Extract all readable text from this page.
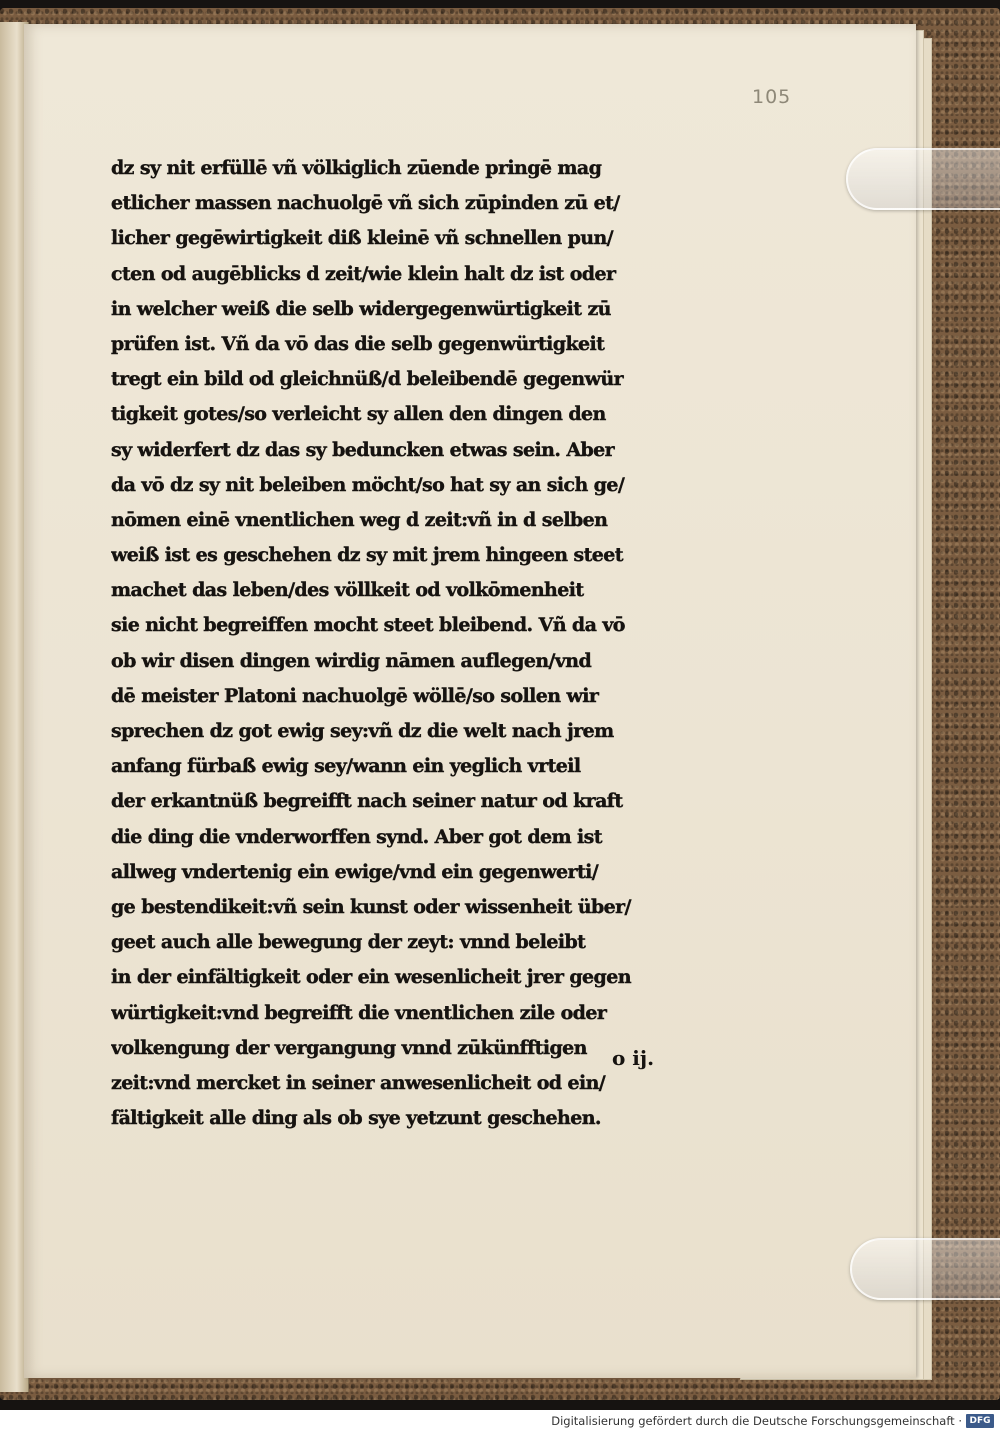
105
dz sy nit erfüllē vñ völkiglich zūende pringē mag
etlicher massen nachuolgē vñ sich zūpinden zū et/
licher gegēwirtigkeit diß kleinē vñ schnellen pun/
cten od augēblicks d zeit/wie klein halt dz ist oder
in welcher weiß die selb widergegenwürtigkeit zū
prüfen ist. Vñ da vō das die selb gegenwürtigkeit
tregt ein bild od gleichnüß/d beleibendē gegenwür
tigkeit gotes/so verleicht sy allen den dingen den
sy widerfert dz das sy beduncken etwas sein. Aber
da vō dz sy nit beleiben möcht/so hat sy an sich ge/
nōmen einē vnentlichen weg d zeit:vñ in d selben
weiß ist es geschehen dz sy mit jrem hingeen steet
machet das leben/des völlkeit od volkōmenheit
sie nicht begreiffen mocht steet bleibend. Vñ da vō
ob wir disen dingen wirdig nāmen auflegen/vnd
dē meister Platoni nachuolgē wöllē/so sollen wir
sprechen dz got ewig sey:vñ dz die welt nach jrem
anfang fürbaß ewig sey/wann ein yeglich vrteil
der erkantnüß begreifft nach seiner natur od kraft
die ding die vnderworffen synd. Aber got dem ist
allweg vndertenig ein ewige/vnd ein gegenwerti/
ge bestendikeit:vñ sein kunst oder wissenheit über/
geet auch alle bewegung der zeyt: vnnd beleibt
in der einfältigkeit oder ein wesenlicheit jrer gegen
würtigkeit:vnd begreifft die vnentlichen zile oder
volkengung der vergangung vnnd zūkünfftigen
zeit:vnd mercket in seiner anwesenlicheit od ein/
fältigkeit alle ding als ob sye yetzunt geschehen.
o ij.
Digitalisierung gefördert durch die Deutsche Forschungsgemeinschaft · DFG
